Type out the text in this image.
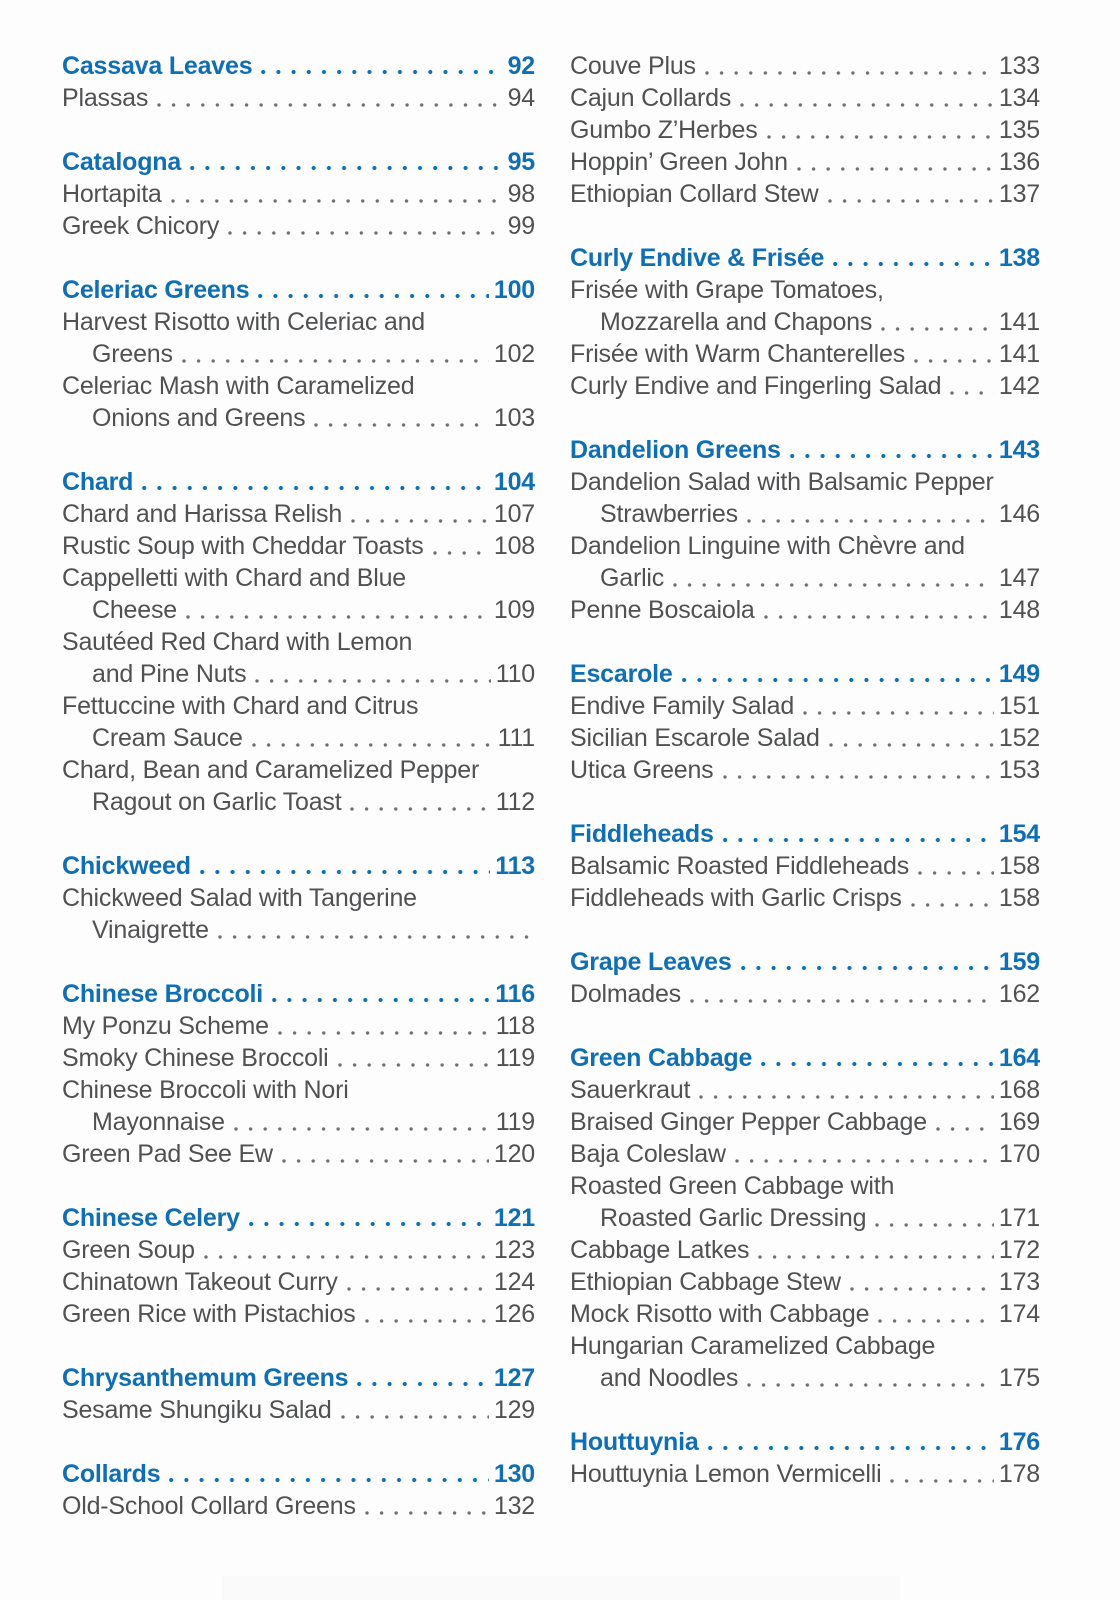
Cassava Leaves	92
Plassas	94
Catalogna	95
Hortapita	98
Greek Chicory	99
Celeriac Greens	100
Harvest Risotto with Celeriac and
Greens	102
Celeriac Mash with Caramelized
Onions and Greens	103
Chard	104
Chard and Harissa Relish	107
Rustic Soup with Cheddar Toasts	108
Cappelletti with Chard and Blue
Cheese	109
Sautéed Red Chard with Lemon
and Pine Nuts	110
Fettuccine with Chard and Citrus
Cream Sauce	111
Chard, Bean and Caramelized Pepper
Ragout on Garlic Toast	112
Chickweed	113
Chickweed Salad with Tangerine
Vinaigrette
Chinese Broccoli	116
My Ponzu Scheme	118
Smoky Chinese Broccoli	119
Chinese Broccoli with Nori
Mayonnaise	119
Green Pad See Ew	120
Chinese Celery	121
Green Soup	123
Chinatown Takeout Curry	124
Green Rice with Pistachios	126
Chrysanthemum Greens	127
Sesame Shungiku Salad	129
Collards	130
Old-School Collard Greens	132
Couve Plus	133
Cajun Collards	134
Gumbo Z’Herbes	135
Hoppin’ Green John	136
Ethiopian Collard Stew	137
Curly Endive & Frisée	138
Frisée with Grape Tomatoes,
Mozzarella and Chapons	141
Frisée with Warm Chanterelles	141
Curly Endive and Fingerling Salad 142
Dandelion Greens	143
Dandelion Salad with Balsamic Pepper
Strawberries	146
Dandelion Linguine with Chèvre and
Garlic	147
Penne Boscaiola	148
Escarole	149
Endive Family Salad	151
Sicilian Escarole Salad	152
Utica Greens	153
Fiddleheads	154
Balsamic Roasted Fiddleheads	158
Fiddleheads with Garlic Crisps	158
Grape Leaves	159
Dolmades	162
Green Cabbage	164
Sauerkraut	168
Braised Ginger Pepper Cabbage	169
Baja Coleslaw	170
Roasted Green Cabbage with
Roasted Garlic Dressing	171
Cabbage Latkes	172
Ethiopian Cabbage Stew	173
Mock Risotto with Cabbage	174
Hungarian Caramelized Cabbage
and Noodles	175
Houttuynia	176
Houttuynia Lemon Vermicelli	178
